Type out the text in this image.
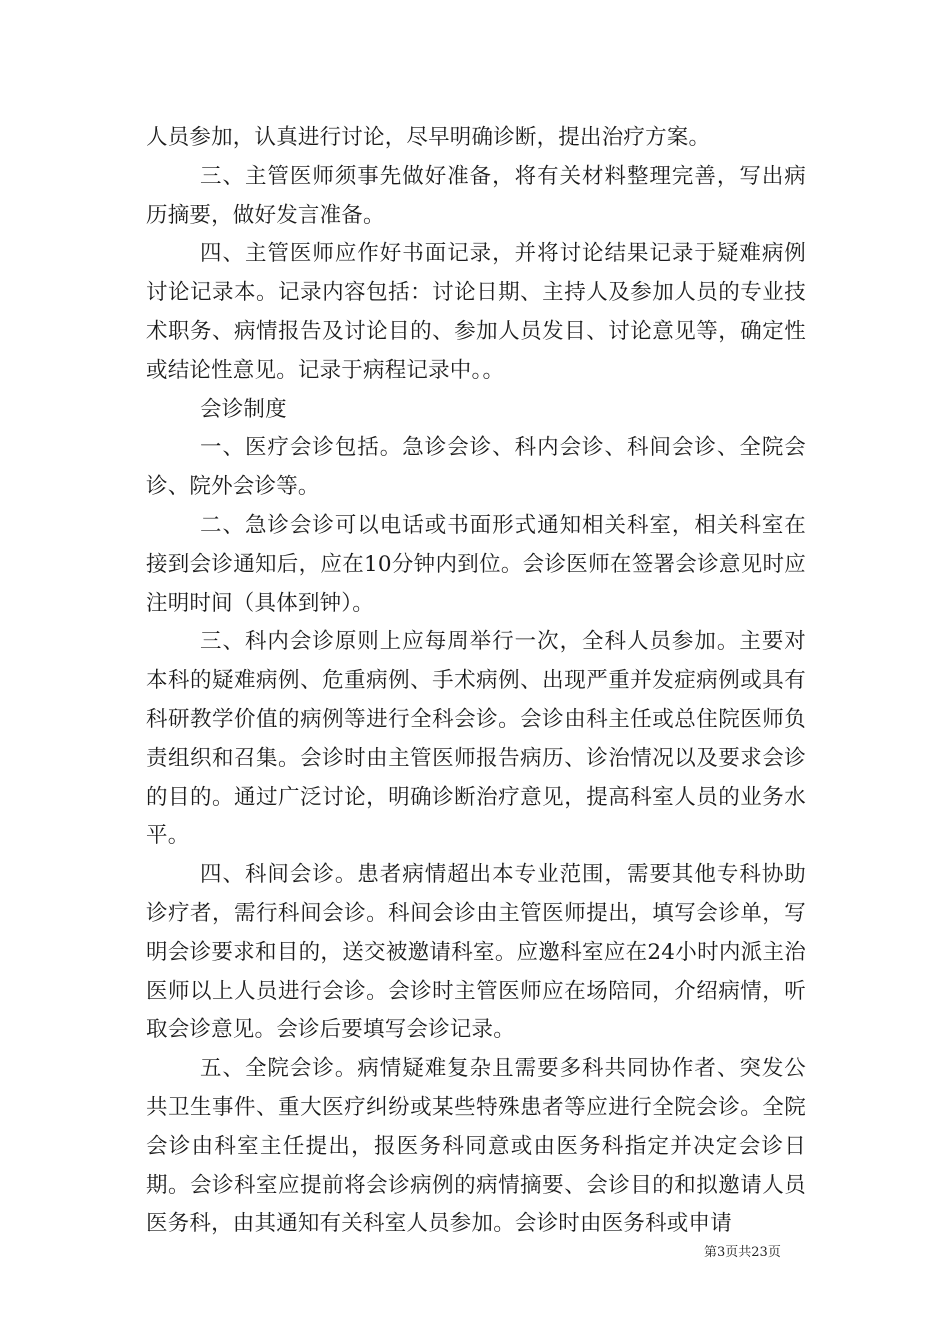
人员参加，认真进行讨论，尽早明确诊断，提出治疗方案。

三、主管医师须事先做好准备，将有关材料整理完善，写出病历摘要，做好发言准备。

四、主管医师应作好书面记录，并将讨论结果记录于疑难病例讨论记录本。记录内容包括：讨论日期、主持人及参加人员的专业技术职务、病情报告及讨论目的、参加人员发目、讨论意见等，确定性或结论性意见。记录于病程记录中。。

会诊制度

一、医疗会诊包括。急诊会诊、科内会诊、科间会诊、全院会诊、院外会诊等。

二、急诊会诊可以电话或书面形式通知相关科室，相关科室在接到会诊通知后，应在10分钟内到位。会诊医师在签署会诊意见时应注明时间（具体到钟）。

三、科内会诊原则上应每周举行一次，全科人员参加。主要对本科的疑难病例、危重病例、手术病例、出现严重并发症病例或具有科研教学价值的病例等进行全科会诊。会诊由科主任或总住院医师负责组织和召集。会诊时由主管医师报告病历、诊治情况以及要求会诊的目的。通过广泛讨论，明确诊断治疗意见，提高科室人员的业务水平。

四、科间会诊。患者病情超出本专业范围，需要其他专科协助诊疗者，需行科间会诊。科间会诊由主管医师提出，填写会诊单，写明会诊要求和目的，送交被邀请科室。应邀科室应在24小时内派主治医师以上人员进行会诊。会诊时主管医师应在场陪同，介绍病情，听取会诊意见。会诊后要填写会诊记录。

五、全院会诊。病情疑难复杂且需要多科共同协作者、突发公共卫生事件、重大医疗纠纷或某些特殊患者等应进行全院会诊。全院会诊由科室主任提出，报医务科同意或由医务科指定并决定会诊日期。会诊科室应提前将会诊病例的病情摘要、会诊目的和拟邀请人员医务科，由其通知有关科室人员参加。会诊时由医务科或申请

第3页共23页
